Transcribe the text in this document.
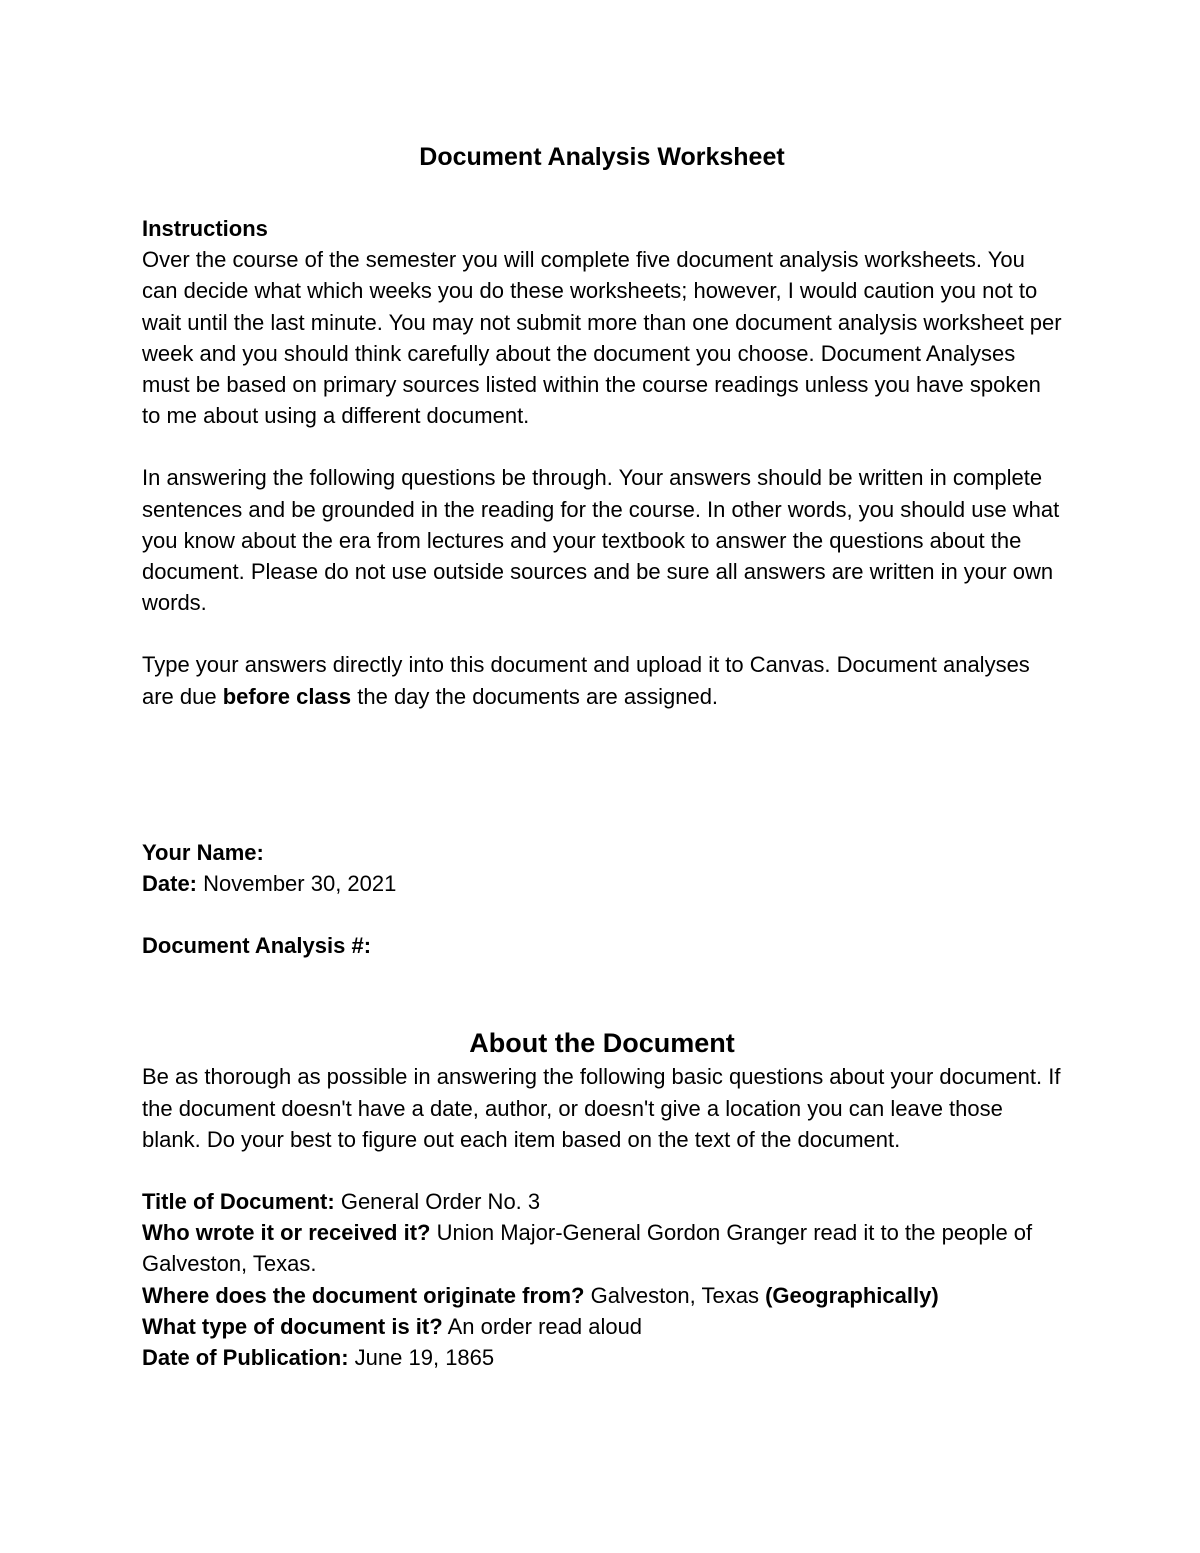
Document Analysis Worksheet

Instructions

Over the course of the semester you will complete five document analysis worksheets. You can decide what which weeks you do these worksheets; however, I would caution you not to wait until the last minute. You may not submit more than one document analysis worksheet per week and you should think carefully about the document you choose. Document Analyses must be based on primary sources listed within the course readings unless you have spoken to me about using a different document.

In answering the following questions be through. Your answers should be written in complete sentences and be grounded in the reading for the course. In other words, you should use what you know about the era from lectures and your textbook to answer the questions about the document. Please do not use outside sources and be sure all answers are written in your own words.

Type your answers directly into this document and upload it to Canvas. Document analyses are due before class the day the documents are assigned.

Your Name:

Date: November 30, 2021

Document Analysis #:

About the Document

Be as thorough as possible in answering the following basic questions about your document. If the document doesn't have a date, author, or doesn't give a location you can leave those blank. Do your best to figure out each item based on the text of the document.

Title of Document: General Order No. 3

Who wrote it or received it? Union Major-General Gordon Granger read it to the people of Galveston, Texas.

Where does the document originate from? Galveston, Texas (Geographically)

What type of document is it? An order read aloud

Date of Publication: June 19, 1865
